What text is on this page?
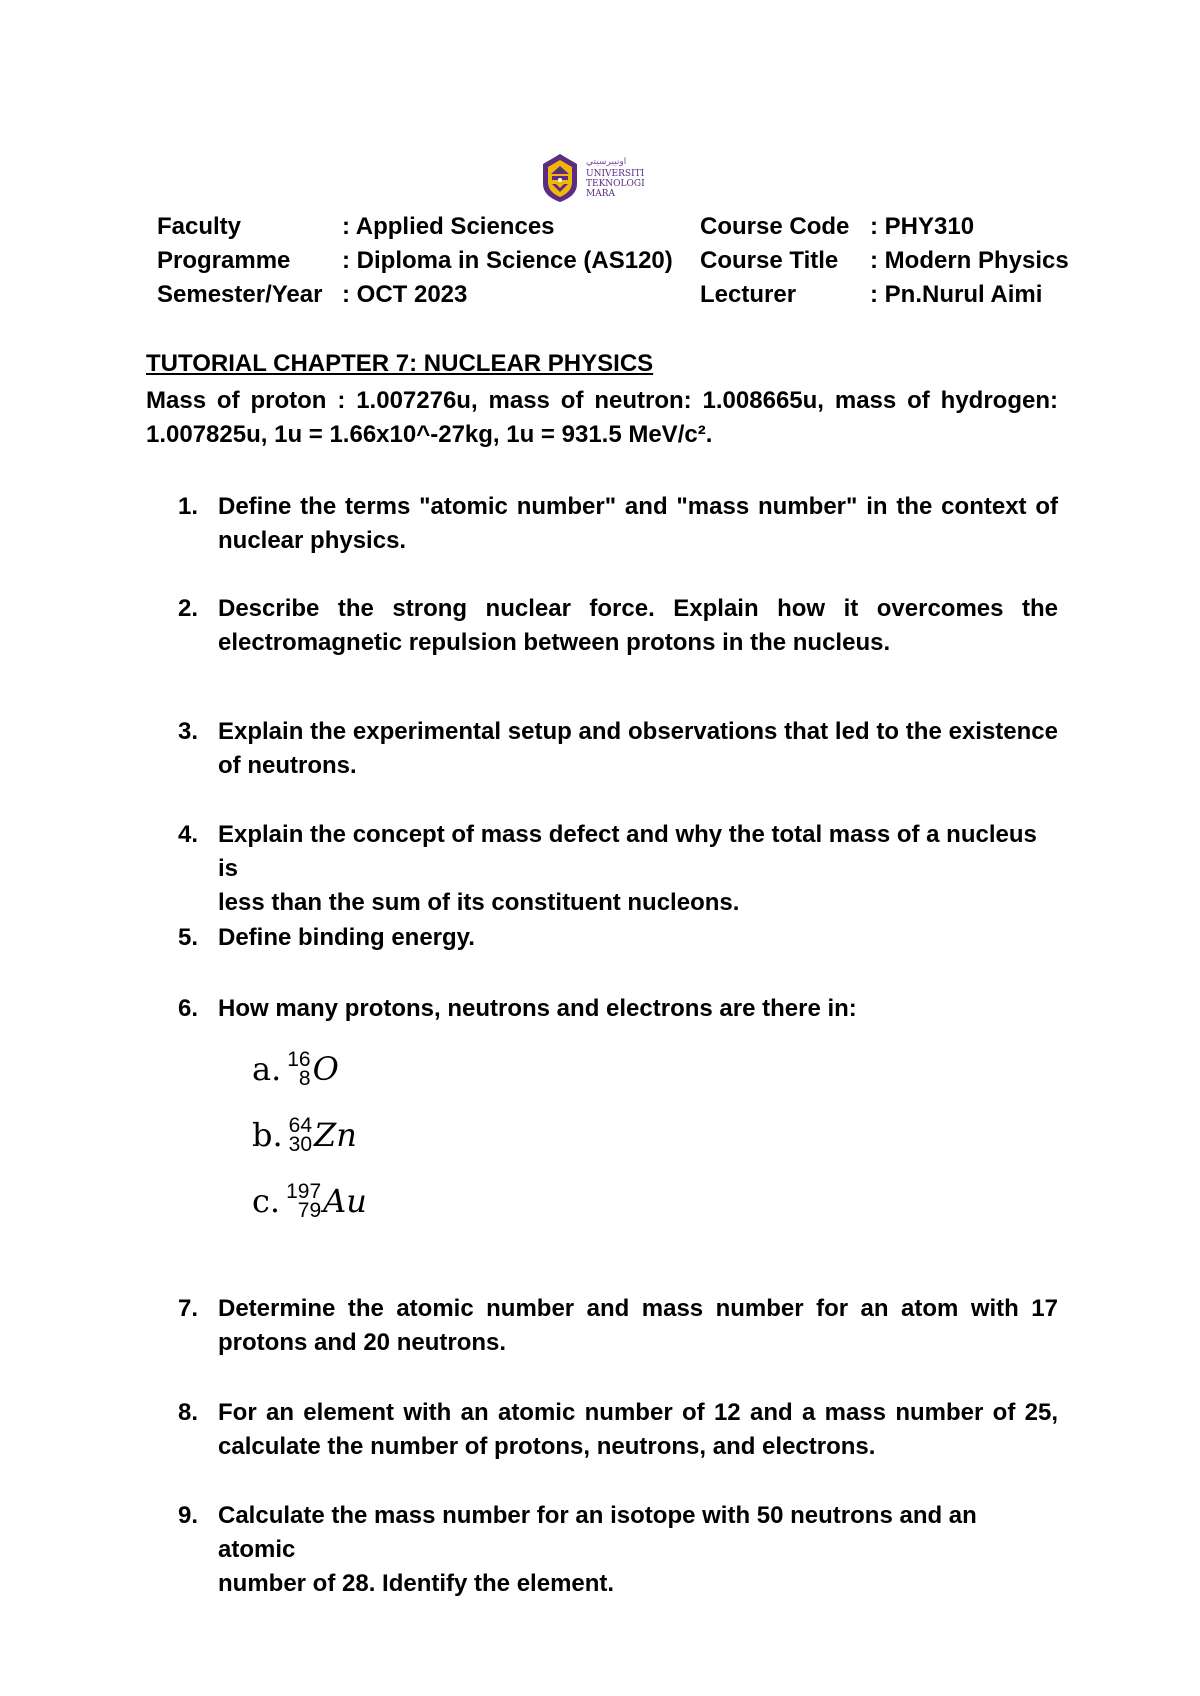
ﺍﻭﻧﻴﺒﺮﺳﻴﺘﻲ
UNIVERSITI
TEKNOLOGI
MARA
Faculty
Programme
Semester/Year
: Applied Sciences
: Diploma in Science (AS120)
: OCT 2023
Course Code
Course Title
Lecturer
: PHY310
: Modern Physics
: Pn.Nurul Aimi
TUTORIAL CHAPTER 7: NUCLEAR PHYSICS
Mass of proton : 1.007276u, mass of neutron: 1.008665u, mass of hydrogen:
1.007825u, 1u = 1.66x10^-27kg, 1u = 931.5 MeV/c².
1. Define the terms "atomic number" and "mass number" in the context of
nuclear physics.
2. Describe the strong nuclear force. Explain how it overcomes the
electromagnetic repulsion between protons in the nucleus.
3. Explain the experimental setup and observations that led to the existence
of neutrons.
4. Explain the concept of mass defect and why the total mass of a nucleus is
less than the sum of its constituent nucleons.
5. Define binding energy.
6. How many protons, neutrons and electrons are there in:
a. 16
8 O
b. 64
30 Zn
c. 197
79 Au
7. Determine the atomic number and mass number for an atom with 17
protons and 20 neutrons.
8. For an element with an atomic number of 12 and a mass number of 25,
calculate the number of protons, neutrons, and electrons.
9. Calculate the mass number for an isotope with 50 neutrons and an atomic
number of 28. Identify the element.
